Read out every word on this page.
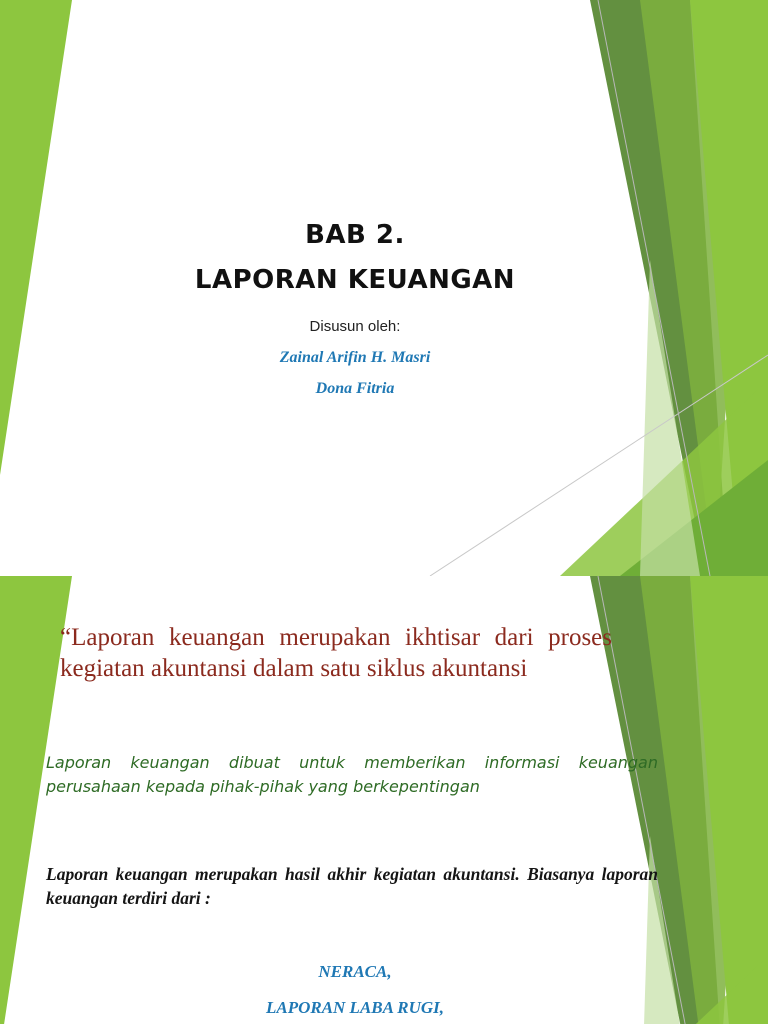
BAB 2.
LAPORAN KEUANGAN
Disusun oleh:
Zainal Arifin H. Masri
Dona Fitria
“Laporan keuangan merupakan ikhtisar dari proses kegiatan akuntansi dalam satu siklus akuntansi
Laporan keuangan dibuat untuk memberikan informasi keuangan perusahaan kepada pihak-pihak yang berkepentingan
Laporan keuangan merupakan hasil akhir kegiatan akuntansi. Biasanya laporan keuangan terdiri dari :
NERACA,
LAPORAN LABA RUGI,
